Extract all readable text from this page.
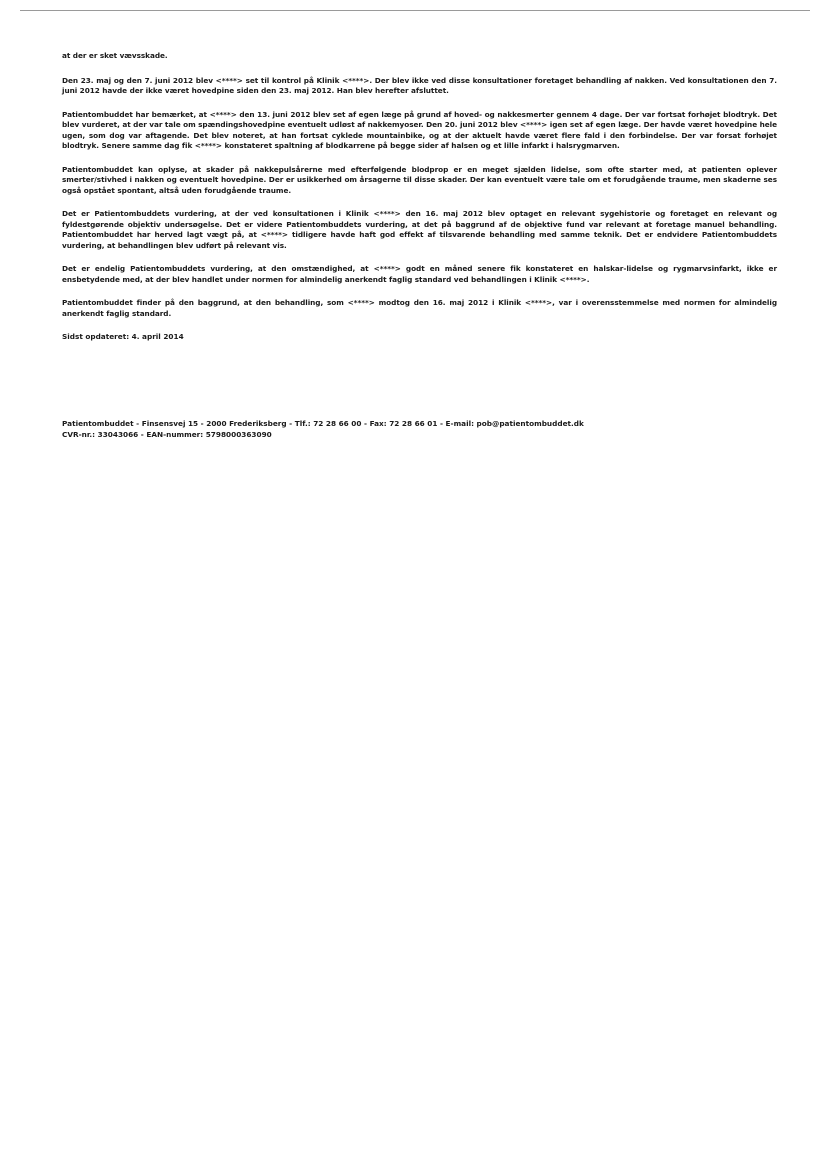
at der er sket vævsskade.

Den 23. maj og den 7. juni 2012 blev <****> set til kontrol på Klinik <****>. Der blev ikke ved disse konsultationer foretaget behandling af nakken. Ved konsultationen den 7. juni 2012 havde der ikke været hovedpine siden den 23. maj 2012. Han blev herefter afsluttet.

Patientombuddet har bemærket, at <****> den 13. juni 2012 blev set af egen læge på grund af hoved- og nakkesmerter gennem 4 dage. Der var fortsat forhøjet blodtryk. Det blev vurderet, at der var tale om spændingshovedpine eventuelt udløst af nakkemyoser. Den 20. juni 2012 blev <****> igen set af egen læge. Der havde været hovedpine hele ugen, som dog var aftagende. Det blev noteret, at han fortsat cyklede mountainbike, og at der aktuelt havde været flere fald i den forbindelse. Der var forsat forhøjet blodtryk. Senere samme dag fik <****> konstateret spaltning af blodkarrene på begge sider af halsen og et lille infarkt i halsrygmarven.

Patientombuddet kan oplyse, at skader på nakkepulsårerne med efterfølgende blodprop er en meget sjælden lidelse, som ofte starter med, at patienten oplever smerter/stivhed i nakken og eventuelt hovedpine. Der er usikkerhed om årsagerne til disse skader. Der kan eventuelt være tale om et forudgående traume, men skaderne ses også opstået spontant, altså uden forudgående traume.

Det er Patientombuddets vurdering, at der ved konsultationen i Klinik <****> den 16. maj 2012 blev optaget en relevant sygehistorie og foretaget en relevant og fyldestgørende objektiv undersøgelse. Det er videre Patientombuddets vurdering, at det på baggrund af de objektive fund var relevant at foretage manuel behandling. Patientombuddet har herved lagt vægt på, at <****> tidligere havde haft god effekt af tilsvarende behandling med samme teknik. Det er endvidere Patientombuddets vurdering, at behandlingen blev udført på relevant vis.

Det er endelig Patientombuddets vurdering, at den omstændighed, at <****> godt en måned senere fik konstateret en halskar-lidelse og rygmarvsinfarkt, ikke er ensbetydende med, at der blev handlet under normen for almindelig anerkendt faglig standard ved behandlingen i Klinik <****>.

Patientombuddet finder på den baggrund, at den behandling, som <****> modtog den 16. maj 2012 i Klinik <****>, var i overensstemmelse med normen for almindelig anerkendt faglig standard.

Sidst opdateret: 4. april 2014
Patientombuddet - Finsensvej 15 - 2000 Frederiksberg - Tlf.: 72 28 66 00 - Fax: 72 28 66 01 - E-mail: pob@patientombuddet.dk
CVR-nr.: 33043066 - EAN-nummer: 5798000363090
